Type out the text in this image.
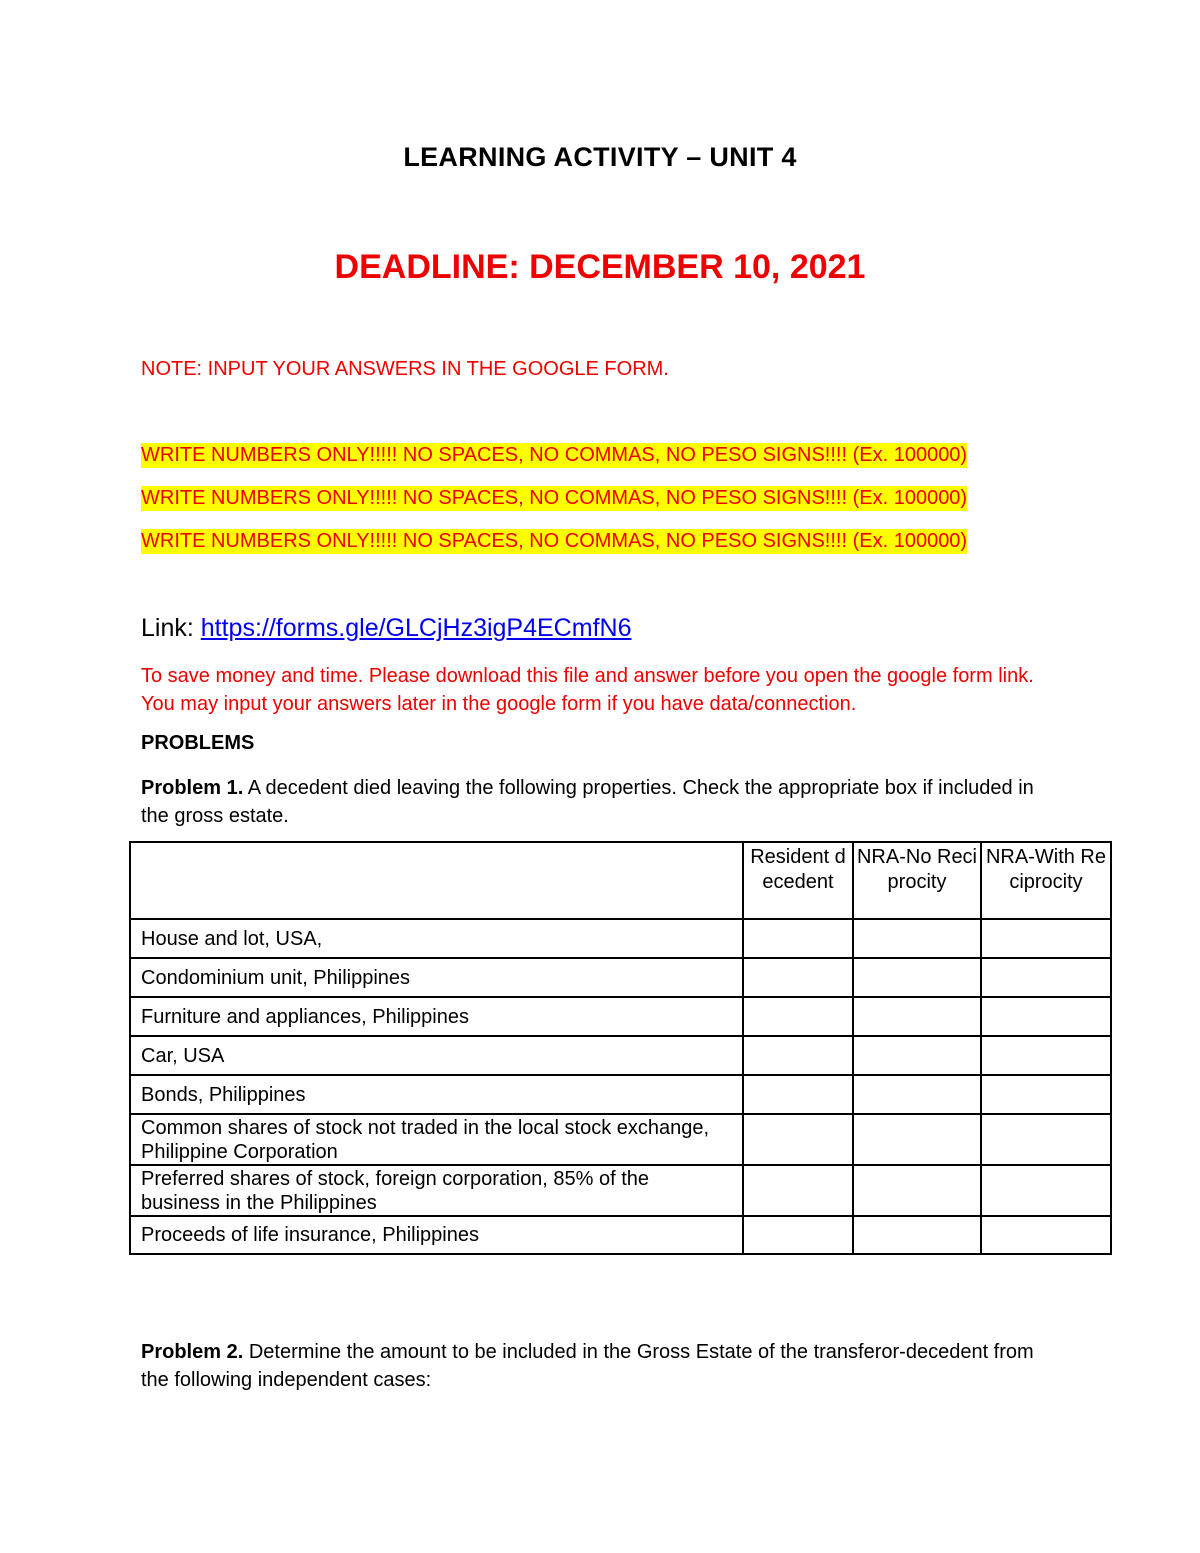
LEARNING ACTIVITY – UNIT 4
DEADLINE: DECEMBER 10, 2021
NOTE: INPUT YOUR ANSWERS IN THE GOOGLE FORM.
WRITE NUMBERS ONLY!!!!! NO SPACES, NO COMMAS, NO PESO SIGNS!!!! (Ex. 100000)
WRITE NUMBERS ONLY!!!!! NO SPACES, NO COMMAS, NO PESO SIGNS!!!! (Ex. 100000)
WRITE NUMBERS ONLY!!!!! NO SPACES, NO COMMAS, NO PESO SIGNS!!!! (Ex. 100000)
Link: https://forms.gle/GLCjHz3igP4ECmfN6
To save money and time. Please download this file and answer before you open the google form link. You may input your answers later in the google form if you have data/connection.
PROBLEMS
Problem 1. A decedent died leaving the following properties. Check the appropriate box if included in the gross estate.
	Resident decedent	NRA-No Reciprocity	NRA-With Reciprocity
House and lot, USA,			
Condominium unit, Philippines			
Furniture and appliances, Philippines			
Car, USA			
Bonds, Philippines			
Common shares of stock not traded in the local stock exchange, Philippine Corporation			
Preferred shares of stock, foreign corporation, 85% of the business in the Philippines			
Proceeds of life insurance, Philippines			
Problem 2. Determine the amount to be included in the Gross Estate of the transferor-decedent from the following independent cases:
